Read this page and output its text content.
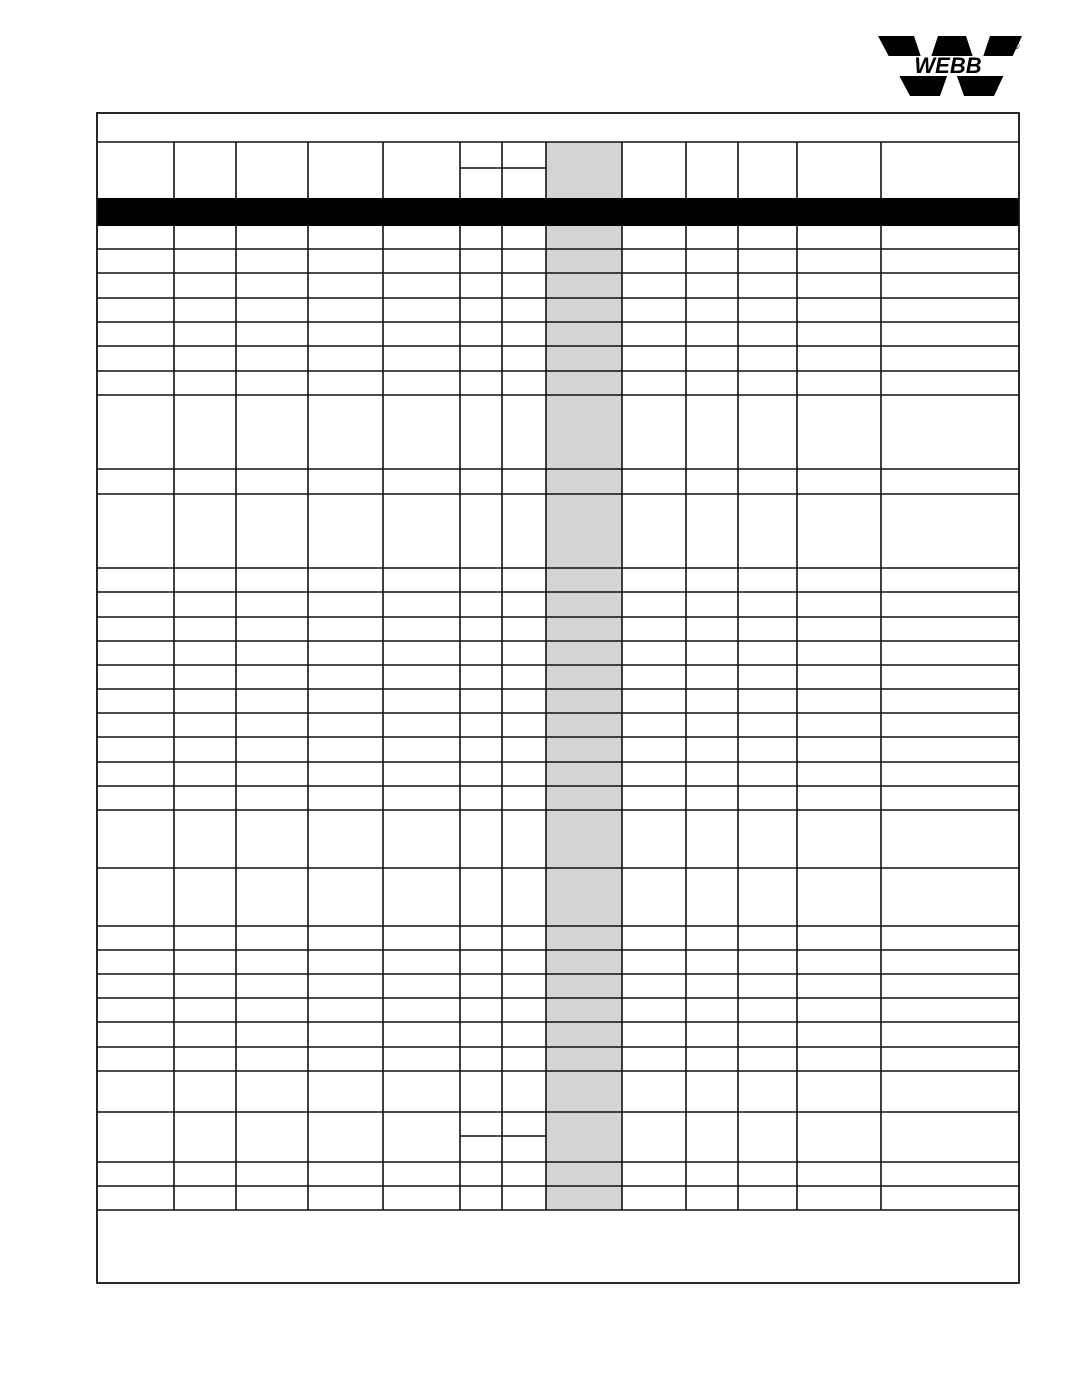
WEBB
®
